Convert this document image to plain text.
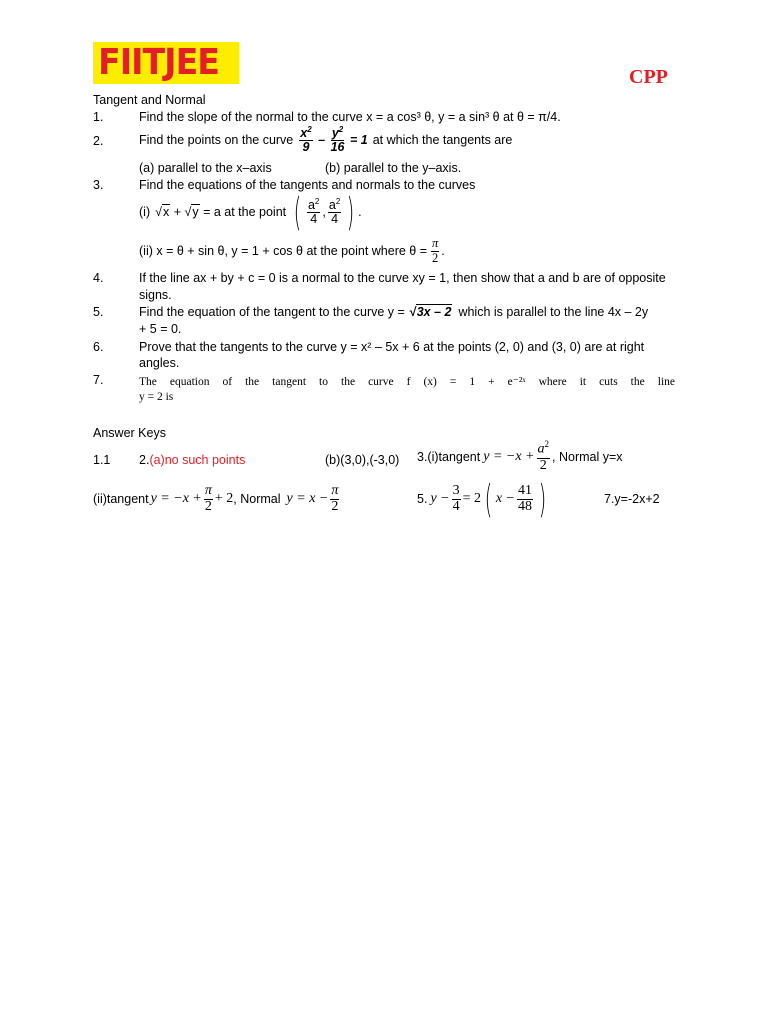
FIITJEE	CPP
Tangent and Normal
1.	Find the slope of the normal to the curve x = a cos³ θ, y = a sin³ θ at θ = π/4.
2.	Find the points on the curve $\frac{x^2}{9} - \frac{y^2}{16} = 1$ at which the tangents are
(a) parallel to the x–axis	(b) parallel to the y–axis.
3.	Find the equations of the tangents and normals to the curves
(i) √x + √y = a at the point ( $\frac{a^2}{4}$ , $\frac{a^2}{4}$ ) .
(ii) x = θ + sin θ, y = 1 + cos θ at the point where $\theta = \frac{\pi}{2}$ .
4.	If the line ax + by + c = 0 is a normal to the curve xy = 1, then show that a and b are of opposite
signs.
5.	Find the equation of the tangent to the curve y = √3x – 2 which is parallel to the line 4x – 2y
+ 5 = 0.
6.	Prove that the tangents to the curve y = x² – 5x + 6 at the points (2, 0) and (3, 0) are at right
angles.
7.	The equation of the tangent to the curve f (x) = 1 + e⁻²ˣ where it cuts the line
y = 2 is
Answer Keys
1.1 2.(a)no such points	(b)(3,0),(-3,0) 3.(i)tangent $y = -x + \frac{a^2}{2}$ , Normal y=x
(ii)tangent $y = -x + \frac{\pi}{2} + 2$ , Normal $y = x - \frac{\pi}{2}$	5. $y - \frac{3}{4} = 2$ ( $x - \frac{41}{48}$ )	7.y=-2x+2
